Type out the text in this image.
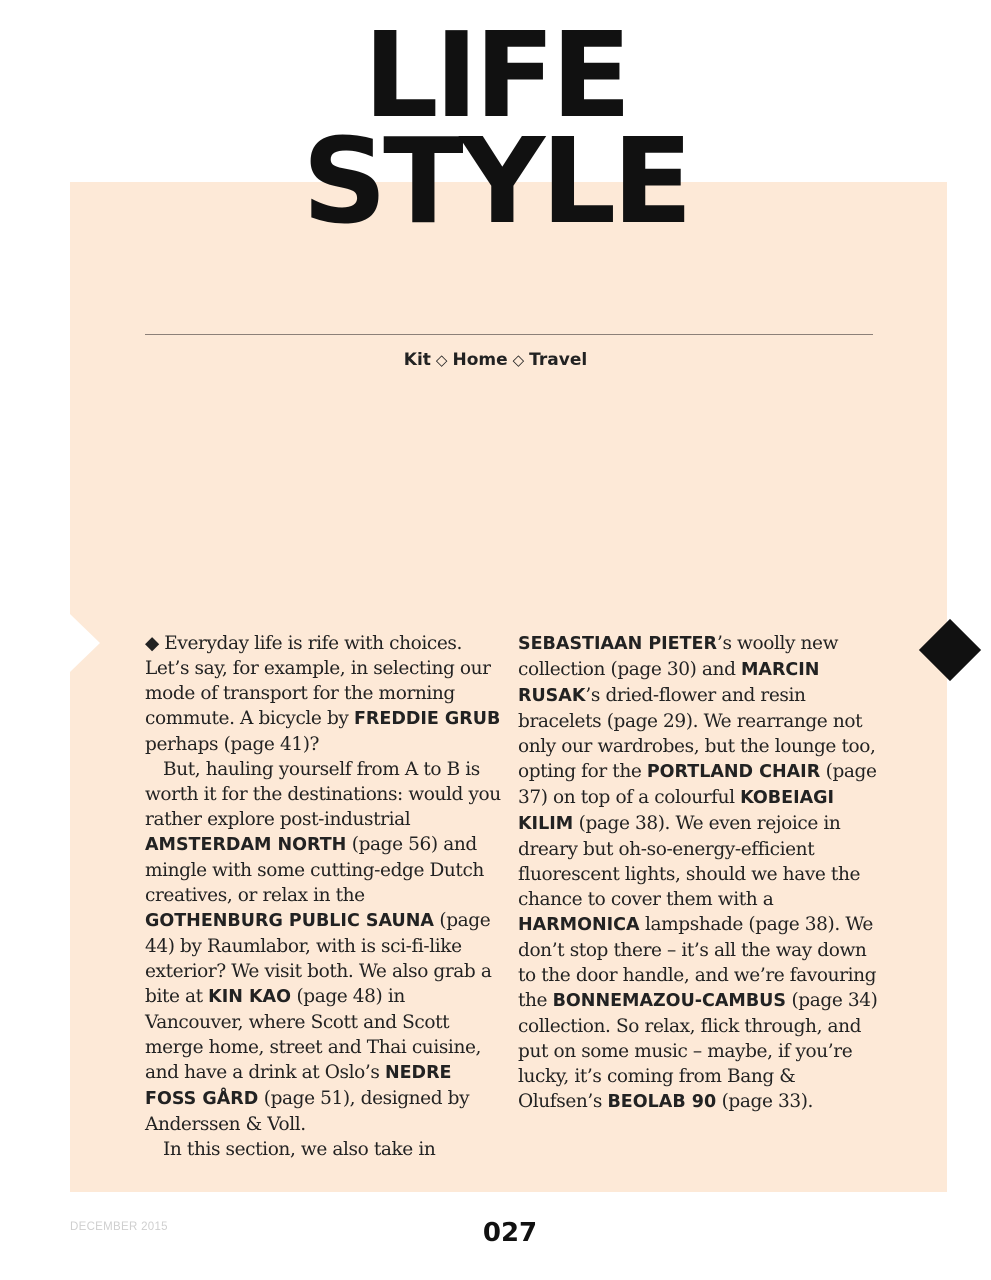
LIFE
STYLE
Kit ◇ Home ◇ Travel

◆ Everyday life is rife with choices. Let’s say, for example, in selecting our mode of transport for the morning commute. A bicycle by FREDDIE GRUB perhaps (page 41)?

But, hauling yourself from A to B is worth it for the destinations: would you rather explore post-industrial AMSTERDAM NORTH (page 56) and mingle with some cutting-edge Dutch creatives, or relax in the GOTHENBURG PUBLIC SAUNA (page 44) by Raumlabor, with is sci-fi-like exterior? We visit both. We also grab a bite at KIN KAO (page 48) in Vancouver, where Scott and Scott merge home, street and Thai cuisine, and have a drink at Oslo’s NEDRE FOSS GÅRD (page 51), designed by Anderssen & Voll.

In this section, we also take in

SEBASTIAAN PIETER’s woolly new collection (page 30) and MARCIN RUSAK’s dried-flower and resin bracelets (page 29). We rearrange not only our wardrobes, but the lounge too, opting for the PORTLAND CHAIR (page 37) on top of a colourful KOBEIAGI KILIM (page 38). We even rejoice in dreary but oh-so-energy-efficient fluorescent lights, should we have the chance to cover them with a HARMONICA lampshade (page 38). We don’t stop there – it’s all the way down to the door handle, and we’re favouring the BONNEMAZOU-CAMBUS (page 34) collection. So relax, flick through, and put on some music – maybe, if you’re lucky, it’s coming from Bang & Olufsen’s BEOLAB 90 (page 33).

DECEMBER 2015	027
